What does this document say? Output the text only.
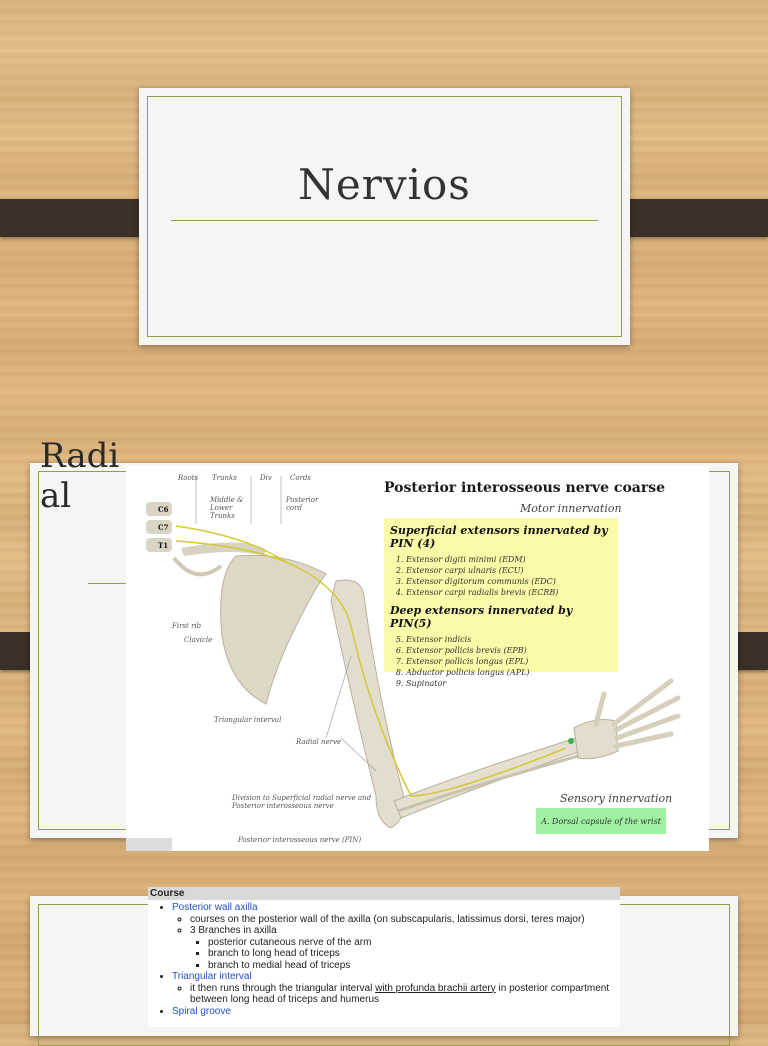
Nervios
Radial	Roots Trunks	Div	Cords
Middle & Lower Trunks
Posterior cord
C6
C7
T1
First rib
Clavicle
Triangular interval
Radial nerve
Division to Superficial radial nerve and Posterior interosseous nerve
Posterior interosseous nerve (PIN)
Posterior interosseous nerve coarse
Motor innervation
Superficial extensors innervated by PIN (4)
1. Extensor digiti minimi (EDM)
2. Extensor carpi ulnaris (ECU)
3. Extensor digitorum communis (EDC)
4. Extensor carpi radialis brevis (ECRB)
Deep extensors innervated by PIN(5)
5. Extensor indicis
6. Extensor pollicis brevis (EPB)
7. Extensor pollicis longus (EPL)
8. Abductor pollicis longus (APL)
9. Supinator
Sensory innervation
A. Dorsal capsule of the wrist
Course
• Posterior wall axilla
◦ courses on the posterior wall of the axilla (on subscapularis, latissimus dorsi, teres major)
◦ 3 Branches in axilla
▪ posterior cutaneous nerve of the arm
▪ branch to long head of triceps
▪ branch to medial head of triceps
• Triangular interval
◦ it then runs through the triangular interval with profunda brachii artery in posterior compartment between long head of triceps and humerus
• Spiral groove
